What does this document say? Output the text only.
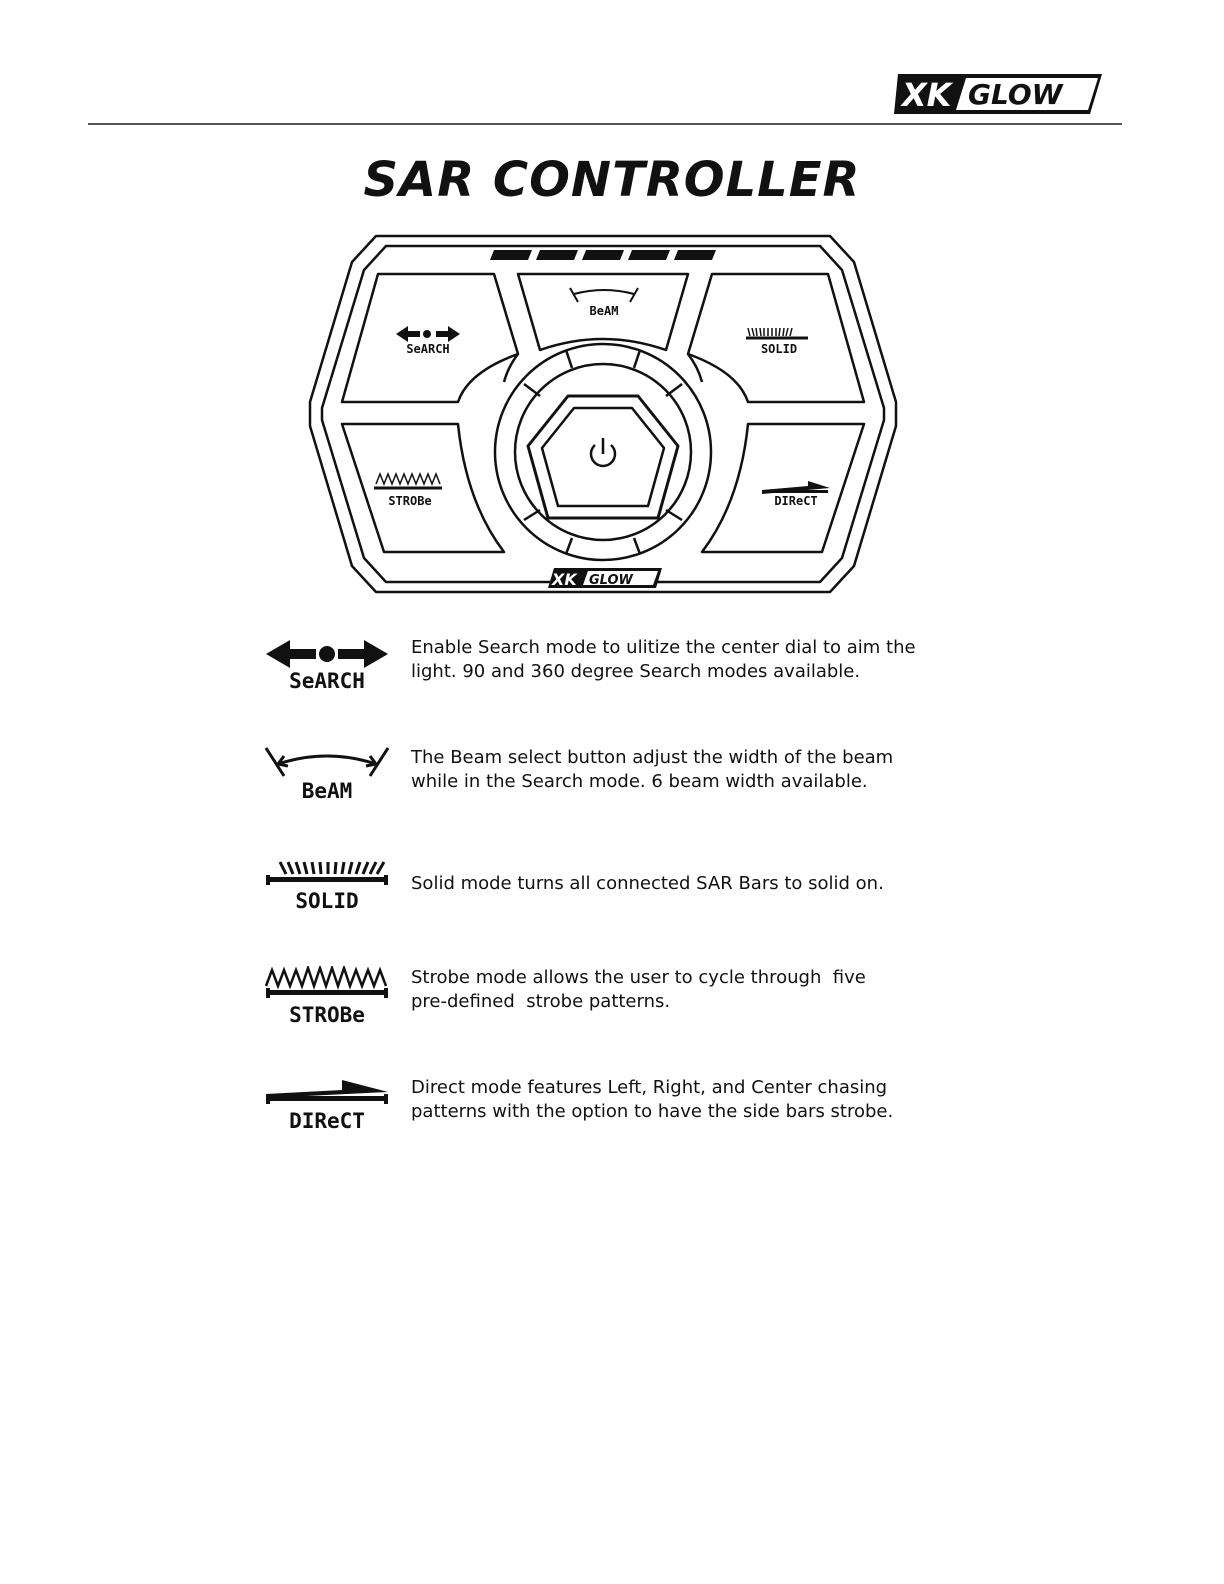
XK GLOW
SAR CONTROLLER
SeARCH
BeAM
SOLID
STROBe	DIReCT
XK GLOW
SeARCH
Enable Search mode to ulitize the center dial to aim the
light. 90 and 360 degree Search modes available.
BeAM
The Beam select button adjust the width of the beam
while in the Search mode. 6 beam width available.
SOLID
Solid mode turns all connected SAR Bars to solid on.
STROBe
Strobe mode allows the user to cycle through  five
pre-defined  strobe patterns.
DIReCT
Direct mode features Left, Right, and Center chasing
patterns with the option to have the side bars strobe.
